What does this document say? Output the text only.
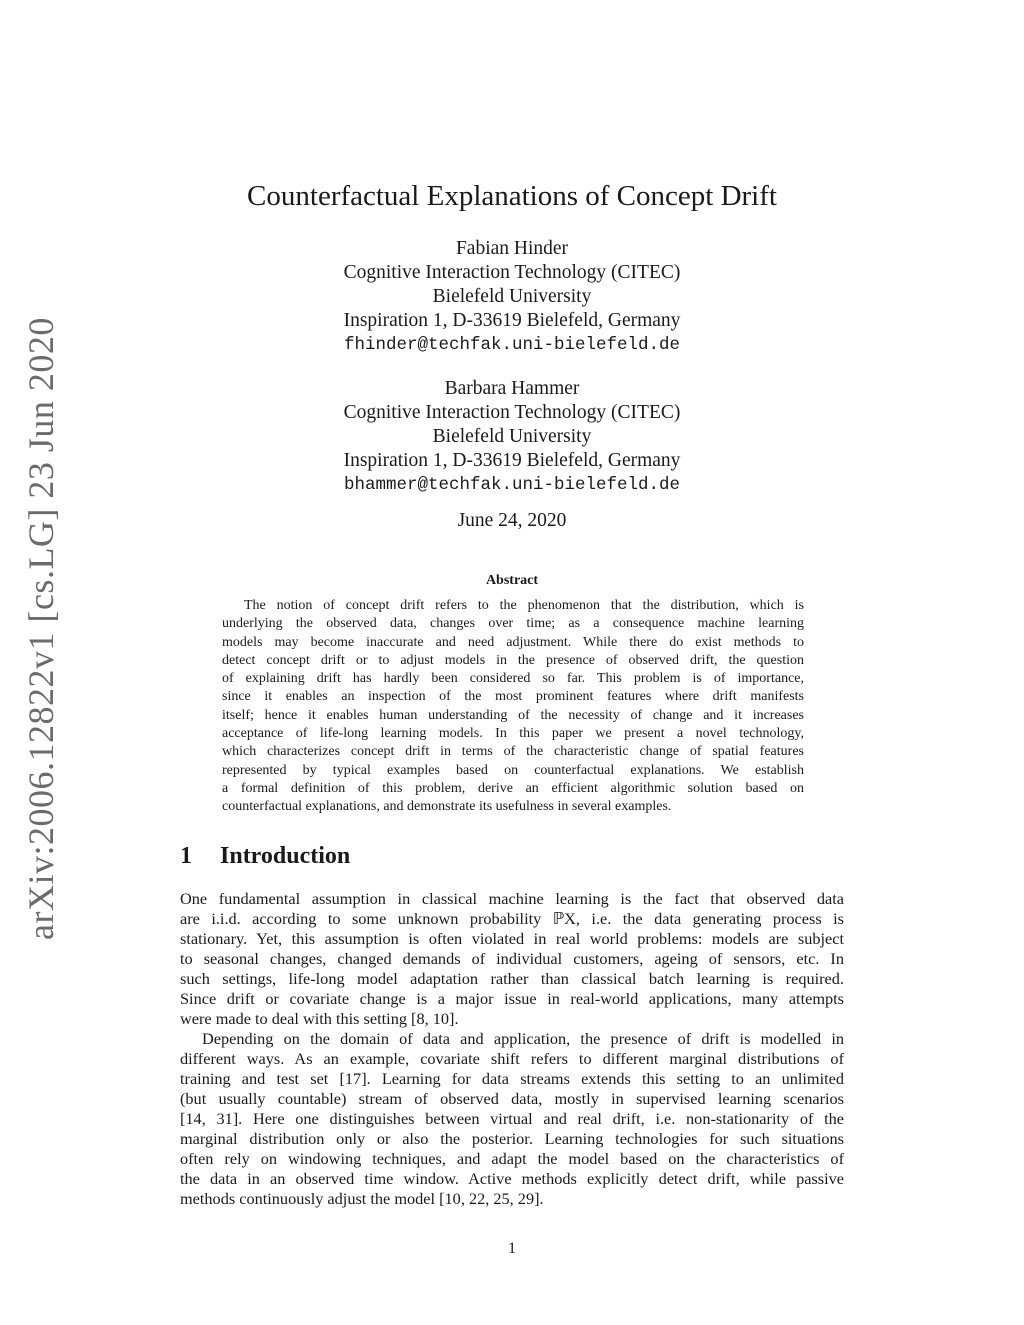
arXiv:2006.12822v1 [cs.LG] 23 Jun 2020
Counterfactual Explanations of Concept Drift
Fabian Hinder
Cognitive Interaction Technology (CITEC)
Bielefeld University
Inspiration 1, D-33619 Bielefeld, Germany
fhinder@techfak.uni-bielefeld.de
Barbara Hammer
Cognitive Interaction Technology (CITEC)
Bielefeld University
Inspiration 1, D-33619 Bielefeld, Germany
bhammer@techfak.uni-bielefeld.de
June 24, 2020
Abstract
The notion of concept drift refers to the phenomenon that the distribution, which is
underlying the observed data, changes over time; as a consequence machine learning
models may become inaccurate and need adjustment. While there do exist methods to
detect concept drift or to adjust models in the presence of observed drift, the question
of explaining drift has hardly been considered so far. This problem is of importance,
since it enables an inspection of the most prominent features where drift manifests
itself; hence it enables human understanding of the necessity of change and it increases
acceptance of life-long learning models. In this paper we present a novel technology,
which characterizes concept drift in terms of the characteristic change of spatial features
represented by typical examples based on counterfactual explanations. We establish
a formal definition of this problem, derive an efficient algorithmic solution based on
counterfactual explanations, and demonstrate its usefulness in several examples.
1 Introduction
One fundamental assumption in classical machine learning is the fact that observed data
are i.i.d. according to some unknown probability ℙX, i.e. the data generating process is
stationary. Yet, this assumption is often violated in real world problems: models are subject
to seasonal changes, changed demands of individual customers, ageing of sensors, etc. In
such settings, life-long model adaptation rather than classical batch learning is required.
Since drift or covariate change is a major issue in real-world applications, many attempts
were made to deal with this setting [8, 10].
Depending on the domain of data and application, the presence of drift is modelled in
different ways. As an example, covariate shift refers to different marginal distributions of
training and test set [17]. Learning for data streams extends this setting to an unlimited
(but usually countable) stream of observed data, mostly in supervised learning scenarios
[14, 31]. Here one distinguishes between virtual and real drift, i.e. non-stationarity of the
marginal distribution only or also the posterior. Learning technologies for such situations
often rely on windowing techniques, and adapt the model based on the characteristics of
the data in an observed time window. Active methods explicitly detect drift, while passive
methods continuously adjust the model [10, 22, 25, 29].
1
